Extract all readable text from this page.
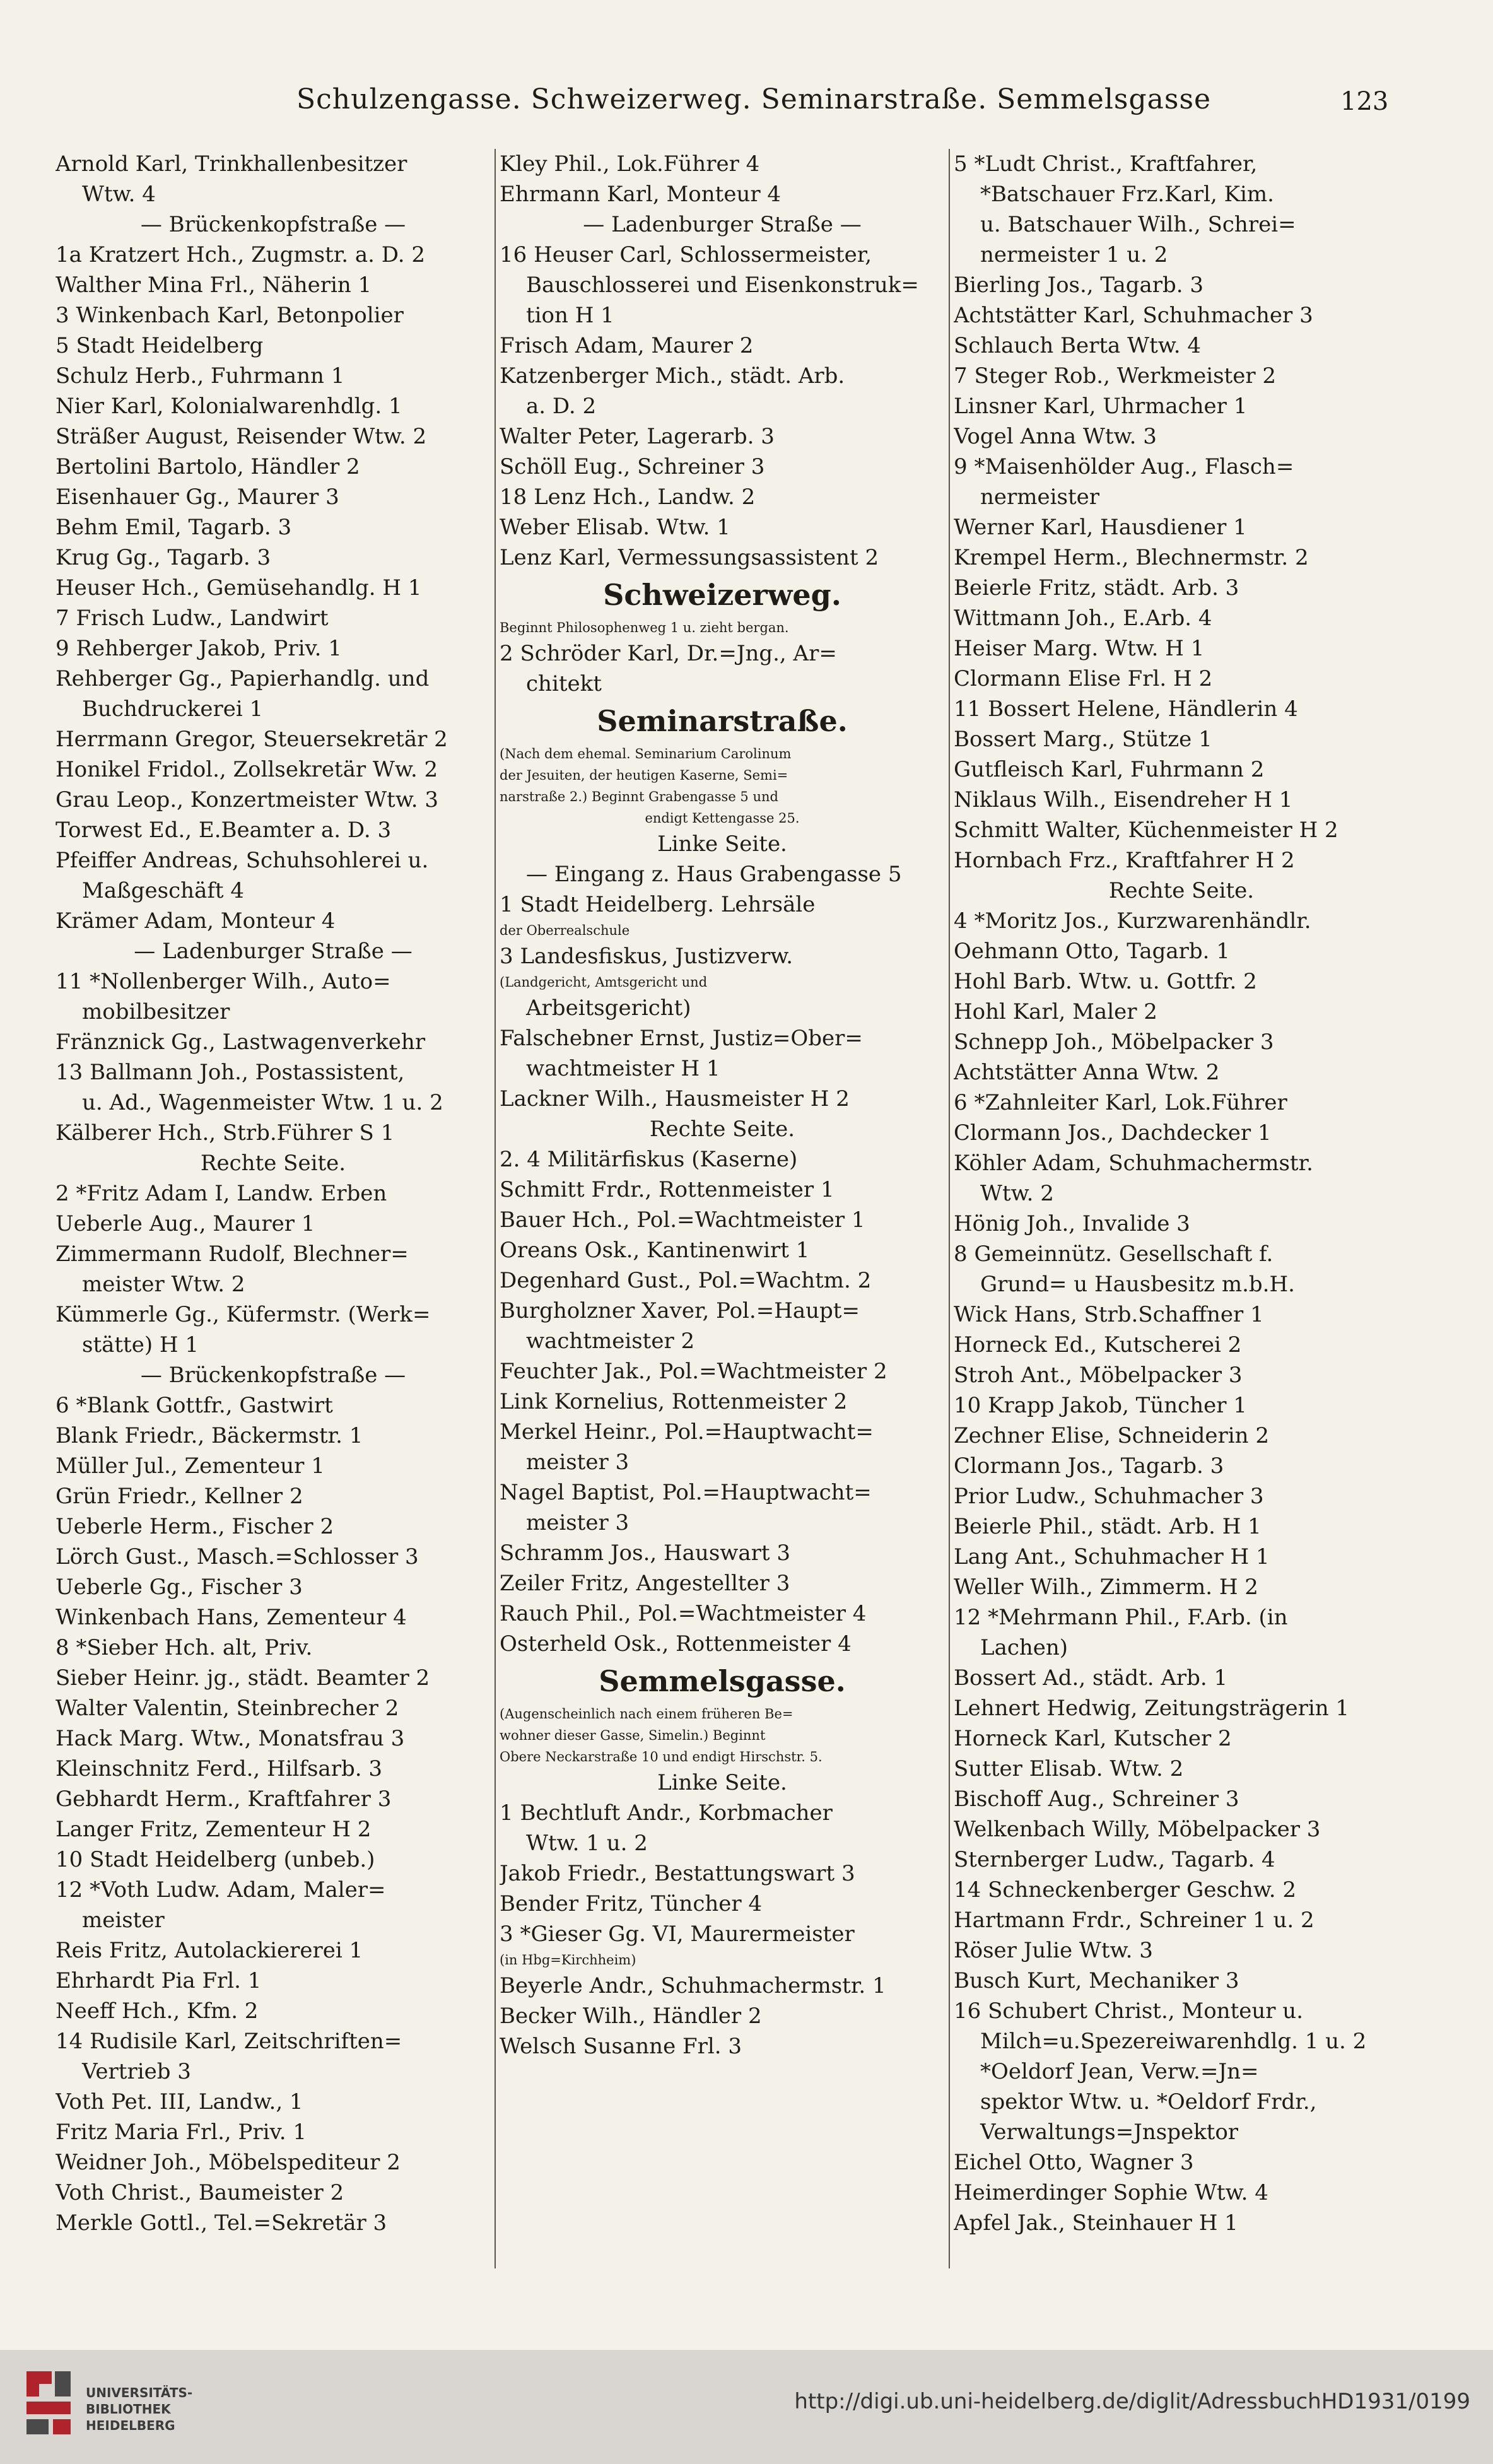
Schulzengasse. Schweizerweg. Seminarstraße. Semmelsgasse	123
Arnold Karl, Trinkhallenbesitzer
Wtw. 4
— Brückenkopfstraße —
1a Kratzert Hch., Zugmstr. a. D. 2
Walther Mina Frl., Näherin 1
3 Winkenbach Karl, Betonpolier
5 Stadt Heidelberg
Schulz Herb., Fuhrmann 1
Nier Karl, Kolonialwarenhdlg. 1
Sträßer August, Reisender Wtw. 2
Bertolini Bartolo, Händler 2
Eisenhauer Gg., Maurer 3
Behm Emil, Tagarb. 3
Krug Gg., Tagarb. 3
Heuser Hch., Gemüsehandlg. H 1
7 Frisch Ludw., Landwirt
9 Rehberger Jakob, Priv. 1
Rehberger Gg., Papierhandlg. und
Buchdruckerei 1
Herrmann Gregor, Steuersekretär 2
Honikel Fridol., Zollsekretär Ww. 2
Grau Leop., Konzertmeister Wtw. 3
Torwest Ed., E.Beamter a. D. 3
Pfeiffer Andreas, Schuhsohlerei u.
Maßgeschäft 4
Krämer Adam, Monteur 4
— Ladenburger Straße —
11 *Nollenberger Wilh., Auto=
mobilbesitzer
Fränznick Gg., Lastwagenverkehr
13 Ballmann Joh., Postassistent,
u. Ad., Wagenmeister Wtw. 1 u. 2
Kälberer Hch., Strb.Führer S 1
Rechte Seite.
2 *Fritz Adam I, Landw. Erben
Ueberle Aug., Maurer 1
Zimmermann Rudolf, Blechner=
meister Wtw. 2
Kümmerle Gg., Küfermstr. (Werk=
stätte) H 1
— Brückenkopfstraße —
6 *Blank Gottfr., Gastwirt
Blank Friedr., Bäckermstr. 1
Müller Jul., Zementeur 1
Grün Friedr., Kellner 2
Ueberle Herm., Fischer 2
Lörch Gust., Masch.=Schlosser 3
Ueberle Gg., Fischer 3
Winkenbach Hans, Zementeur 4
8 *Sieber Hch. alt, Priv.
Sieber Heinr. jg., städt. Beamter 2
Walter Valentin, Steinbrecher 2
Hack Marg. Wtw., Monatsfrau 3
Kleinschnitz Ferd., Hilfsarb. 3
Gebhardt Herm., Kraftfahrer 3
Langer Fritz, Zementeur H 2
10 Stadt Heidelberg (unbeb.)
12 *Voth Ludw. Adam, Maler=
meister
Reis Fritz, Autolackiererei 1
Ehrhardt Pia Frl. 1
Neeff Hch., Kfm. 2
14 Rudisile Karl, Zeitschriften=
Vertrieb 3
Voth Pet. III, Landw., 1
Fritz Maria Frl., Priv. 1
Weidner Joh., Möbelspediteur 2
Voth Christ., Baumeister 2
Merkle Gottl., Tel.=Sekretär 3
Kley Phil., Lok.Führer 4
Ehrmann Karl, Monteur 4
— Ladenburger Straße —
16 Heuser Carl, Schlossermeister,
Bauschlosserei und Eisenkonstruk=
tion H 1
Frisch Adam, Maurer 2
Katzenberger Mich., städt. Arb.
a. D. 2
Walter Peter, Lagerarb. 3
Schöll Eug., Schreiner 3
18 Lenz Hch., Landw. 2
Weber Elisab. Wtw. 1
Lenz Karl, Vermessungsassistent 2
Schweizerweg.
Beginnt Philosophenweg 1 u. zieht bergan.
2 Schröder Karl, Dr.=Jng., Ar=
chitekt
Seminarstraße.
(Nach dem ehemal. Seminarium Carolinum
der Jesuiten, der heutigen Kaserne, Semi=
narstraße 2.) Beginnt Grabengasse 5 und
endigt Kettengasse 25.
Linke Seite.
— Eingang z. Haus Grabengasse 5
1 Stadt Heidelberg. Lehrsäle
der Oberrealschule
3 Landesfiskus, Justizverw.
(Landgericht, Amtsgericht und
Arbeitsgericht)
Falschebner Ernst, Justiz=Ober=
wachtmeister H 1
Lackner Wilh., Hausmeister H 2
Rechte Seite.
2. 4 Militärfiskus (Kaserne)
Schmitt Frdr., Rottenmeister 1
Bauer Hch., Pol.=Wachtmeister 1
Oreans Osk., Kantinenwirt 1
Degenhard Gust., Pol.=Wachtm. 2
Burgholzner Xaver, Pol.=Haupt=
wachtmeister 2
Feuchter Jak., Pol.=Wachtmeister 2
Link Kornelius, Rottenmeister 2
Merkel Heinr., Pol.=Hauptwacht=
meister 3
Nagel Baptist, Pol.=Hauptwacht=
meister 3
Schramm Jos., Hauswart 3
Zeiler Fritz, Angestellter 3
Rauch Phil., Pol.=Wachtmeister 4
Osterheld Osk., Rottenmeister 4
Semmelsgasse.
(Augenscheinlich nach einem früheren Be=
wohner dieser Gasse, Simelin.) Beginnt
Obere Neckarstraße 10 und endigt Hirschstr. 5.
Linke Seite.
1 Bechtluft Andr., Korbmacher
Wtw. 1 u. 2
Jakob Friedr., Bestattungswart 3
Bender Fritz, Tüncher 4
3 *Gieser Gg. VI, Maurermeister
(in Hbg=Kirchheim)
Beyerle Andr., Schuhmachermstr. 1
Becker Wilh., Händler 2
Welsch Susanne Frl. 3
5 *Ludt Christ., Kraftfahrer,
*Batschauer Frz.Karl, Kim.
u. Batschauer Wilh., Schrei=
nermeister 1 u. 2
Bierling Jos., Tagarb. 3
Achtstätter Karl, Schuhmacher 3
Schlauch Berta Wtw. 4
7 Steger Rob., Werkmeister 2
Linsner Karl, Uhrmacher 1
Vogel Anna Wtw. 3
9 *Maisenhölder Aug., Flasch=
nermeister
Werner Karl, Hausdiener 1
Krempel Herm., Blechnermstr. 2
Beierle Fritz, städt. Arb. 3
Wittmann Joh., E.Arb. 4
Heiser Marg. Wtw. H 1
Clormann Elise Frl. H 2
11 Bossert Helene, Händlerin 4
Bossert Marg., Stütze 1
Gutfleisch Karl, Fuhrmann 2
Niklaus Wilh., Eisendreher H 1
Schmitt Walter, Küchenmeister H 2
Hornbach Frz., Kraftfahrer H 2
Rechte Seite.
4 *Moritz Jos., Kurzwarenhändlr.
Oehmann Otto, Tagarb. 1
Hohl Barb. Wtw. u. Gottfr. 2
Hohl Karl, Maler 2
Schnepp Joh., Möbelpacker 3
Achtstätter Anna Wtw. 2
6 *Zahnleiter Karl, Lok.Führer
Clormann Jos., Dachdecker 1
Köhler Adam, Schuhmachermstr.
Wtw. 2
Hönig Joh., Invalide 3
8 Gemeinnütz. Gesellschaft f.
Grund= u Hausbesitz m.b.H.
Wick Hans, Strb.Schaffner 1
Horneck Ed., Kutscherei 2
Stroh Ant., Möbelpacker 3
10 Krapp Jakob, Tüncher 1
Zechner Elise, Schneiderin 2
Clormann Jos., Tagarb. 3
Prior Ludw., Schuhmacher 3
Beierle Phil., städt. Arb. H 1
Lang Ant., Schuhmacher H 1
Weller Wilh., Zimmerm. H 2
12 *Mehrmann Phil., F.Arb. (in
Lachen)
Bossert Ad., städt. Arb. 1
Lehnert Hedwig, Zeitungsträgerin 1
Horneck Karl, Kutscher 2
Sutter Elisab. Wtw. 2
Bischoff Aug., Schreiner 3
Welkenbach Willy, Möbelpacker 3
Sternberger Ludw., Tagarb. 4
14 Schneckenberger Geschw. 2
Hartmann Frdr., Schreiner 1 u. 2
Röser Julie Wtw. 3
Busch Kurt, Mechaniker 3
16 Schubert Christ., Monteur u.
Milch=u.Spezereiwarenhdlg. 1 u. 2
*Oeldorf Jean, Verw.=Jn=
spektor Wtw. u. *Oeldorf Frdr.,
Verwaltungs=Jnspektor
Eichel Otto, Wagner 3
Heimerdinger Sophie Wtw. 4
Apfel Jak., Steinhauer H 1
UNIVERSITÄTS-
BIBLIOTHEK
HEIDELBERG
http://digi.ub.uni-heidelberg.de/diglit/AdressbuchHD1931/0199
